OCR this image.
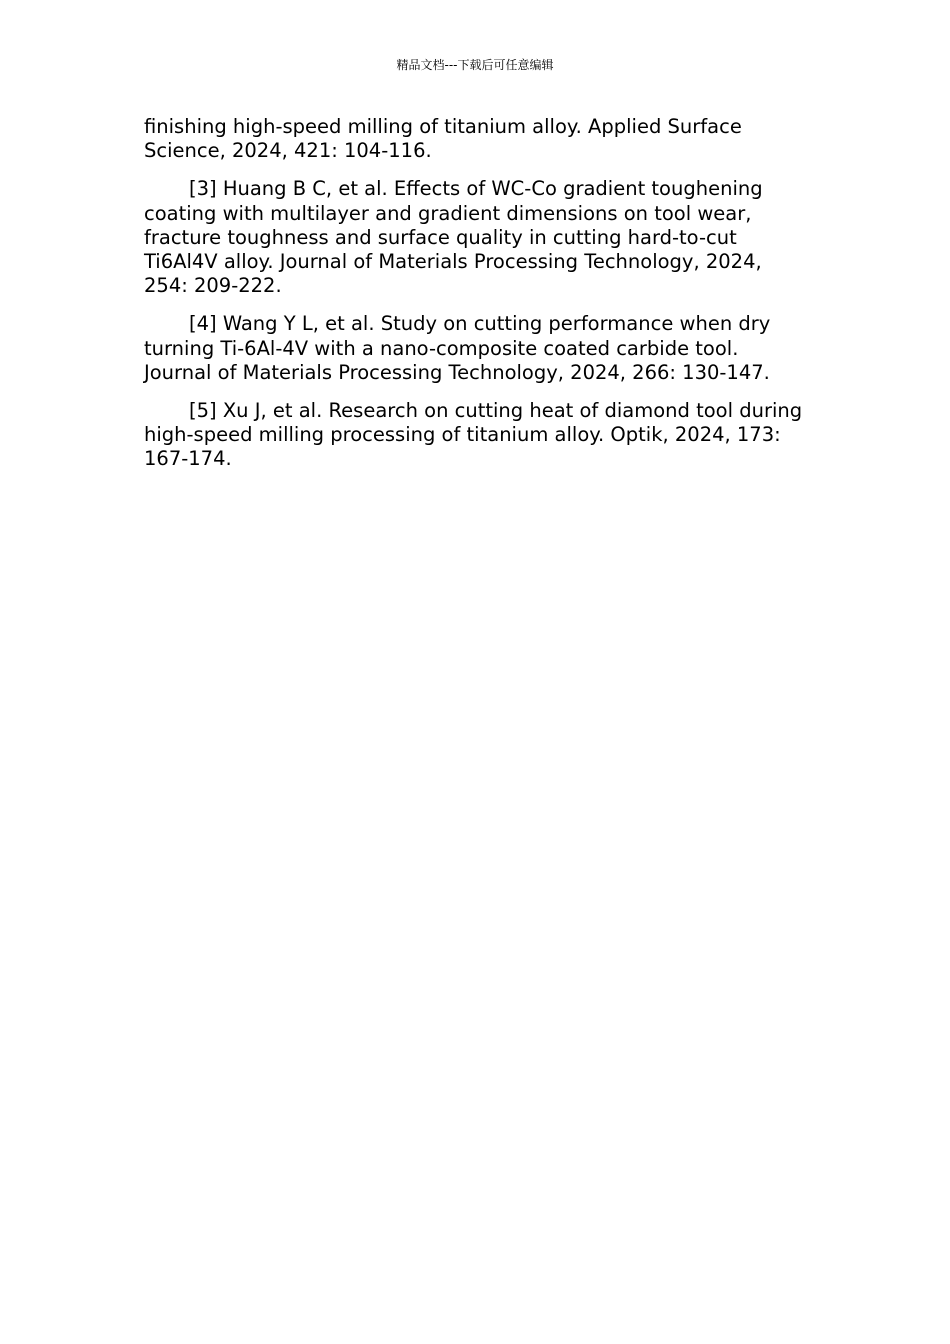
精品文档---下载后可任意编辑

finishing high-speed milling of titanium alloy. Applied Surface Science, 2024, 421: 104-116.

[3] Huang B C, et al. Effects of WC-Co gradient toughening coating with multilayer and gradient dimensions on tool wear, fracture toughness and surface quality in cutting hard-to-cut Ti6Al4V alloy. Journal of Materials Processing Technology, 2024, 254: 209-222.

[4] Wang Y L, et al. Study on cutting performance when dry turning Ti-6Al-4V with a nano-composite coated carbide tool. Journal of Materials Processing Technology, 2024, 266: 130-147.

[5] Xu J, et al. Research on cutting heat of diamond tool during high-speed milling processing of titanium alloy. Optik, 2024, 173: 167-174.
